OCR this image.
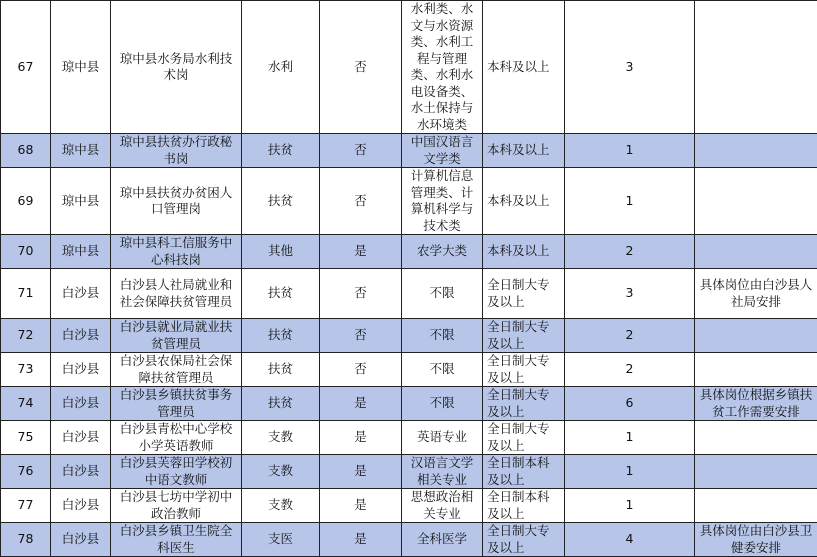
67	琼中县	琼中县水务局水利技术岗	水利	否	水利类、水文与水资源类、水利工程与管理类、水利水电设备类、水土保持与水环境类	本科及以上	3	
68	琼中县	琼中县扶贫办行政秘书岗	扶贫	否	中国汉语言文学类	本科及以上	1	
69	琼中县	琼中县扶贫办贫困人口管理岗	扶贫	否	计算机信息管理类、计算机科学与技术类	本科及以上	1	
70	琼中县	琼中县科工信服务中心科技岗	其他	是	农学大类	本科及以上	2	
71	白沙县	白沙县人社局就业和社会保障扶贫管理员	扶贫	否	不限	全日制大专及以上	3	具体岗位由白沙县人社局安排
72	白沙县	白沙县就业局就业扶贫管理员	扶贫	否	不限	全日制大专及以上	2	
73	白沙县	白沙县农保局社会保障扶贫管理员	扶贫	否	不限	全日制大专及以上	2	
74	白沙县	白沙县乡镇扶贫事务管理员	扶贫	是	不限	全日制大专及以上	6	具体岗位根据乡镇扶贫工作需要安排
75	白沙县	白沙县青松中心学校小学英语教师	支教	是	英语专业	全日制大专及以上	1	
76	白沙县	白沙县芙蓉田学校初中语文教师	支教	是	汉语言文学相关专业	全日制本科及以上	1	
77	白沙县	白沙县七坊中学初中政治教师	支教	是	思想政治相关专业	全日制本科及以上	1	
78	白沙县	白沙县乡镇卫生院全科医生	支医	是	全科医学	全日制大专及以上	4	具体岗位由白沙县卫健委安排
